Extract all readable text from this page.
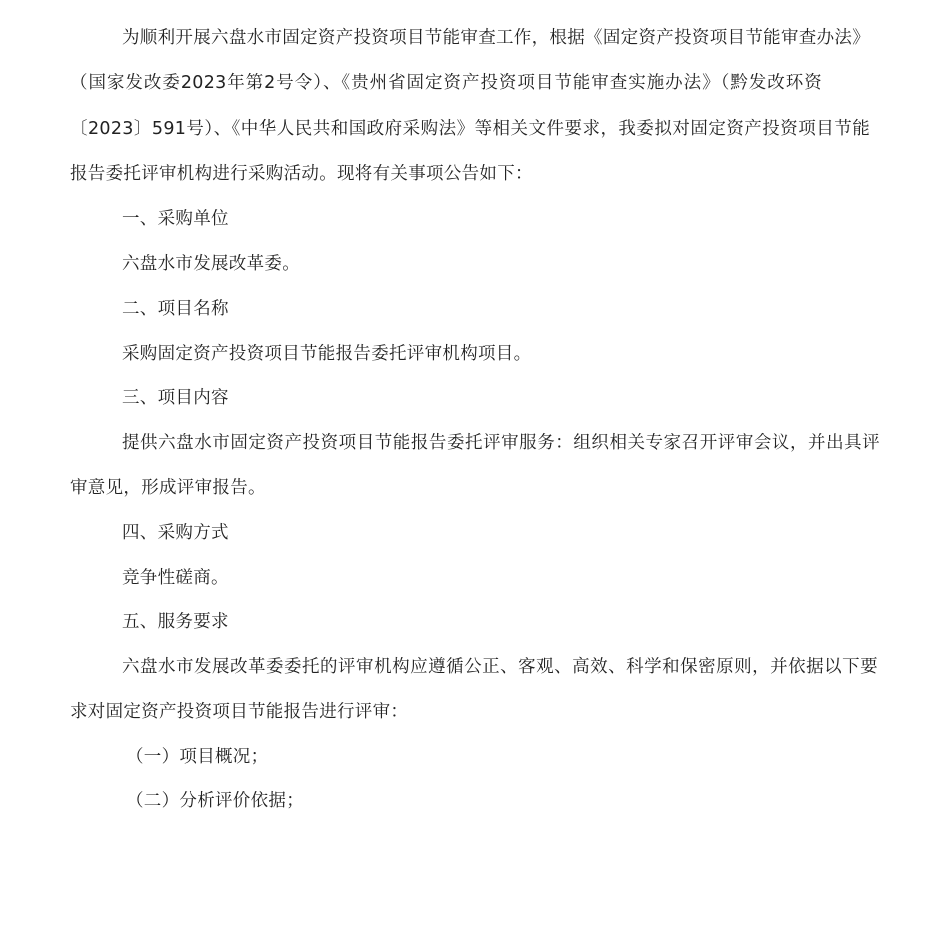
为顺利开展六盘水市固定资产投资项目节能审查工作，根据《固定资产投资项目节能审查办法》
（国家发改委2023年第2号令）、《贵州省固定资产投资项目节能审查实施办法》（黔发改环资
〔2023〕591号）、《中华人民共和国政府采购法》等相关文件要求，我委拟对固定资产投资项目节能
报告委托评审机构进行采购活动。现将有关事项公告如下：
一、采购单位
六盘水市发展改革委。
二、项目名称
采购固定资产投资项目节能报告委托评审机构项目。
三、项目内容
提供六盘水市固定资产投资项目节能报告委托评审服务：组织相关专家召开评审会议，并出具评
审意见，形成评审报告。
四、采购方式
竞争性磋商。
五、服务要求
六盘水市发展改革委委托的评审机构应遵循公正、客观、高效、科学和保密原则，并依据以下要
求对固定资产投资项目节能报告进行评审：
（一）项目概况；
（二）分析评价依据；
